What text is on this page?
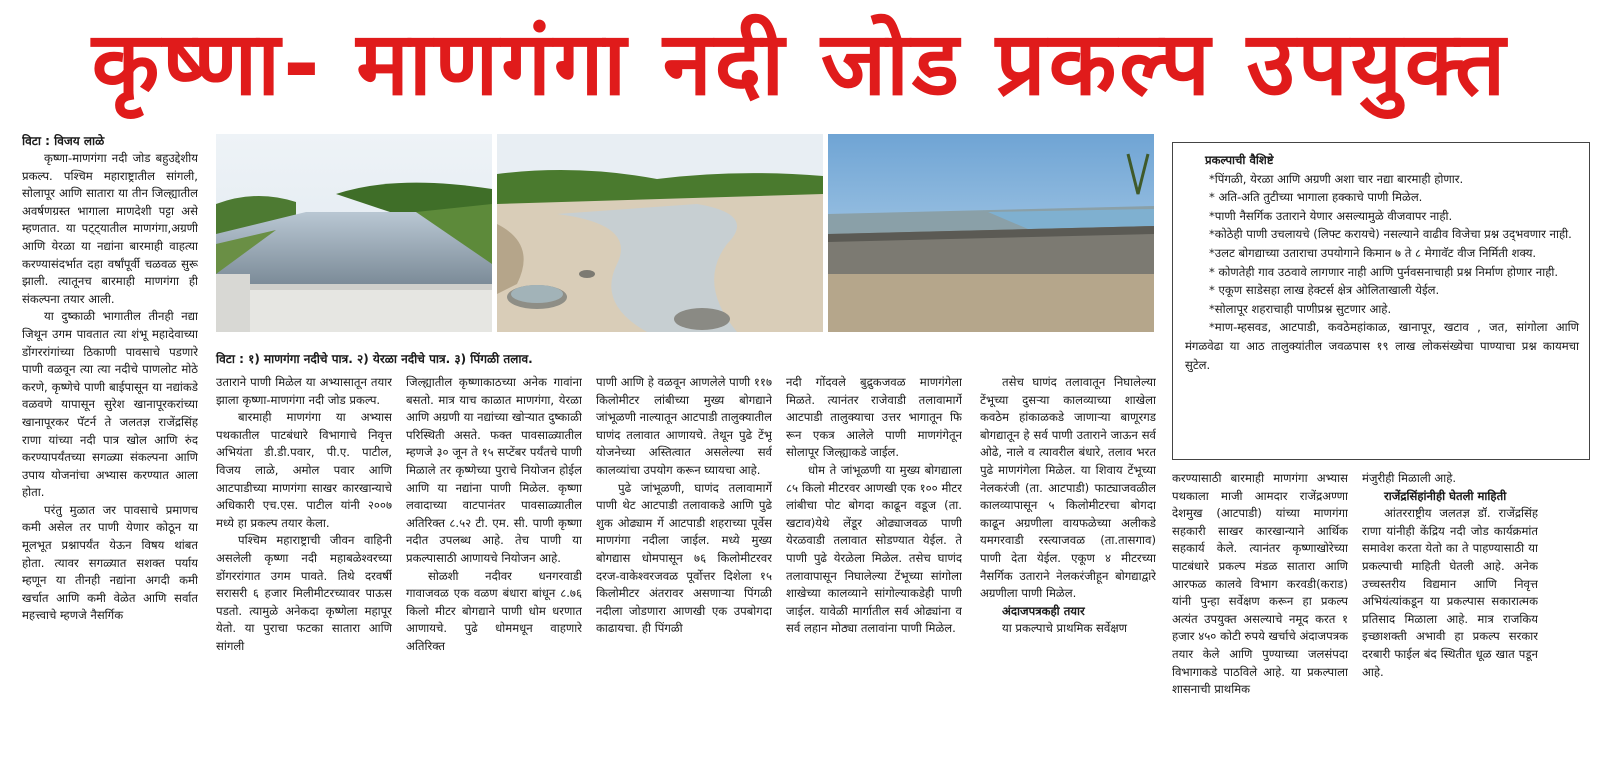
कृष्णा- माणगंगा नदी जोड प्रकल्प उपयुक्त
विटा : विजय लाळे

कृष्णा-माणगंगा नदी जोड बहुउद्देशीय प्रकल्प. पश्चिम महाराष्ट्रातील सांगली, सोलापूर आणि सातारा या तीन जिल्ह्यातील अवर्षणग्रस्त भागाला माणदेशी पट्टा असे म्हणतात. या पट्ट्यातील माणगंगा,अग्रणी आणि येरळा या नद्यांना बारमाही वाहत्या करण्यासंदर्भात दहा वर्षांपूर्वी चळवळ सुरू झाली. त्यातूनच बारमाही माणगंगा ही संकल्पना तयार आली.

या दुष्काळी भागातील तीनही नद्या जिथून उगम पावतात त्या शंभू महादेवाच्या डोंगररांगांच्या ठिकाणी पावसाचे पडणारे पाणी वळवून त्या त्या नदीचे पाणलोट मोठे करणे, कृष्णेचे पाणी बाईपासून या नद्यांकडे वळवणे यापासून सुरेश खानापूरकरांच्या खानापूरकर पॅटर्न ते जलतज्ञ राजेंद्रसिंह राणा यांच्या नदी पात्र खोल आणि रुंद करण्यापर्यंतच्या सगळ्या संकल्पना आणि उपाय योजनांचा अभ्यास करण्यात आला होता.

परंतु मुळात जर पावसाचे प्रमाणच कमी असेल तर पाणी येणार कोठून या मूलभूत प्रश्नापर्यंत येऊन विषय थांबत होता. त्यावर सगळ्यात सशक्त पर्याय म्हणून या तीनही नद्यांना अगदी कमी खर्चात आणि कमी वेळेत आणि सर्वात महत्त्वाचे म्हणजे नैसर्गिक

विटा : १) माणगंगा नदीचे पात्र. २) येरळा नदीचे पात्र. ३) पिंगळी तलाव.

उताराने पाणी मिळेल या अभ्यासातून तयार झाला कृष्णा-माणगंगा नदी जोड प्रकल्प.

बारमाही माणगंगा या अभ्यास पथकातील पाटबंधारे विभागाचे निवृत्त अभियंता डी.डी.पवार, पी.ए. पाटील, विजय लाळे, अमोल पवार आणि आटपाडीच्या माणगंगा साखर कारखान्याचे अधिकारी एच.एस. पाटील यांनी २००७ मध्ये हा प्रकल्प तयार केला.

पश्चिम महाराष्ट्राची जीवन वाहिनी असलेली कृष्णा नदी महाबळेश्वरच्या डोंगररांगात उगम पावते. तिथे दरवर्षी सरासरी ६ हजार मिलीमीटरच्यावर पाऊस पडतो. त्यामुळे अनेकदा कृष्णेला महापूर येतो. या पुराचा फटका सातारा आणि सांगली

जिल्ह्यातील कृष्णाकाठच्या अनेक गावांना बसतो. मात्र याच काळात माणगंगा, येरळा आणि अग्रणी या नद्यांच्या खोऱ्यात दुष्काळी परिस्थिती असते. फक्त पावसाळ्यातील म्हणजे ३० जून ते १५ सप्टेंबर पर्यंतचे पाणी मिळाले तर कृष्णेच्या पुराचे नियोजन होईल आणि या नद्यांना पाणी मिळेल. कृष्णा लवादाच्या वाटपानंतर पावसाळ्यातील अतिरिक्त ८.५२ टी. एम. सी. पाणी कृष्णा नदीत उपलब्ध आहे. तेच पाणी या प्रकल्पासाठी आणायचे नियोजन आहे.

सोळशी नदीवर धनगरवाडी गावाजवळ एक वळण बंधारा बांधून ८.७६ किलो मीटर बोगद्याने पाणी धोम धरणात आणायचे. पुढे धोममधून वाहणारे अतिरिक्त

पाणी आणि हे वळवून आणलेले पाणी ११७ किलोमीटर लांबीच्या मुख्य बोगद्याने जांभूळणी नाल्यातून आटपाडी तालुक्यातील घाणंद तलावात आणायचे. तेथून पुढे टेंभू योजनेच्या अस्तित्वात असलेल्या सर्व कालव्यांचा उपयोग करून घ्यायचा आहे.

पुढे जांभूळणी, घाणंद तलावामार्गे पाणी थेट आटपाडी तलावाकडे आणि पुढे शुक ओढ्याम र्गे आटपाडी शहराच्या पूर्वेस माणगंगा नदीला जाईल. मध्ये मुख्य बोगद्यास धोमपासून ७६ किलोमीटरवर दरज-वाकेश्वरजवळ पूर्वोत्तर दिशेला १५ किलोमीटर अंतरावर असणाऱ्या पिंगळी नदीला जोडणारा आणखी एक उपबोगदा काढायचा. ही पिंगळी

नदी गोंदवले बुद्रुकजवळ माणगंगेला मिळते. त्यानंतर राजेवाडी तलावामार्गे आटपाडी तालुक्याचा उत्तर भागातून फि रून एकत्र आलेले पाणी माणगंगेतून सोलापूर जिल्ह्याकडे जाईल.

धोम ते जांभूळणी या मुख्य बोगद्याला ८५ किलो मीटरवर आणखी एक १०० मीटर लांबीचा पोट बोगदा काढून वडूज (ता. खटाव)येथे लेंडूर ओढ्याजवळ पाणी येरळवाडी तलावात सोडण्यात येईल. ते पाणी पुढे येरळेला मिळेल. तसेच घाणंद तलावापासून निघालेल्या टेंभूच्या सांगोला शाखेच्या कालव्याने सांगोल्याकडेही पाणी जाईल. यावेळी मार्गातील सर्व ओढ्यांना व सर्व लहान मोठ्या तलावांना पाणी मिळेल.

तसेच घाणंद तलावातून निघालेल्या टेंभूच्या दुसऱ्या कालव्याच्या शाखेला कवठेम हांकाळकडे जाणाऱ्या बाणूरगड बोगद्यातून हे सर्व पाणी उताराने जाऊन सर्व ओढे, नाले व त्यावरील बंधारे, तलाव भरत पुढे माणगंगेला मिळेल. या शिवाय टेंभूच्या नेलकरंजी (ता. आटपाडी) फाट्याजवळील कालव्यापासून ५ किलोमीटरचा बोगदा काढून अग्रणीला वायफळेच्या अलीकडे यमगरवाडी रस्त्याजवळ (ता.तासगाव) पाणी देता येईल. एकूण ४ मीटरच्या नैसर्गिक उताराने नेलकरंजीहून बोगद्याद्वारे अग्रणीला पाणी मिळेल.

अंदाजपत्रकही तयार

या प्रकल्पाचे प्राथमिक सर्वेक्षण

करण्यासाठी बारमाही माणगंगा अभ्यास पथकाला माजी आमदार राजेंद्रअण्णा देशमुख (आटपाडी) यांच्या माणगंगा सहकारी साखर कारखान्याने आर्थिक सहकार्य केले. त्यानंतर कृष्णाखोरेच्या पाटबंधारे प्रकल्प मंडळ सातारा आणि आरफळ कालवे विभाग करवडी(कराड) यांनी पुन्हा सर्वेक्षण करून हा प्रकल्प अत्यंत उपयुक्त असल्याचे नमूद करत १ हजार ४५० कोटी रुपये खर्चाचे अंदाजपत्रक तयार केले आणि पुण्याच्या जलसंपदा विभागाकडे पाठविले आहे. या प्रकल्पाला शासनाची प्राथमिक

मंजुरीही मिळाली आहे.

राजेंद्रसिंहांनीही घेतली माहिती

आंतरराष्ट्रीय जलतज्ञ डॉ. राजेंद्रसिंह राणा यांनीही केंद्रिय नदी जोड कार्यक्रमांत समावेश करता येतो का ते पाहण्यासाठी या प्रकल्पाची माहिती घेतली आहे. अनेक उच्चस्तरीय विद्यमान आणि निवृत्त अभियंत्यांकडून या प्रकल्पास सकारात्मक प्रतिसाद मिळाला आहे. मात्र राजकिय इच्छाशक्ती अभावी हा प्रकल्प सरकार दरबारी फाईल बंद स्थितीत धूळ खात पडून आहे.

प्रकल्पाची वैशिष्टे

*पिंगळी, येरळा आणि अग्रणी अशा चार नद्या बारमाही होणार.

* अति-अति तुटीच्या भागाला हक्काचे पाणी मिळेल.

*पाणी नैसर्गिक उताराने येणार असल्यामुळे वीजवापर नाही.

*कोठेही पाणी उचलायचे (लिफ्ट करायचे) नसल्याने वाढीव विजेचा प्रश्न उद्‌भवणार नाही.

*उलट बोगद्याच्या उताराचा उपयोगाने किमान ७ ते ८ मेगावॅट वीज निर्मिती शक्य.

* कोणतेही गाव उठवावे लागणार नाही आणि पुर्नवसनाचाही प्रश्न निर्माण होणार नाही.

* एकूण साडेसहा लाख हेक्टर्स क्षेत्र ओलिताखाली येईल.

*सोलापूर शहराचाही पाणीप्रश्न सुटणार आहे.

*माण-म्हसवड, आटपाडी, कवठेमहांकाळ, खानापूर, खटाव , जत, सांगोला आणि मंगळवेढा या आठ तालुक्यांतील जवळपास १९ लाख लोकसंख्येचा पाण्याचा प्रश्न कायमचा सुटेल.
